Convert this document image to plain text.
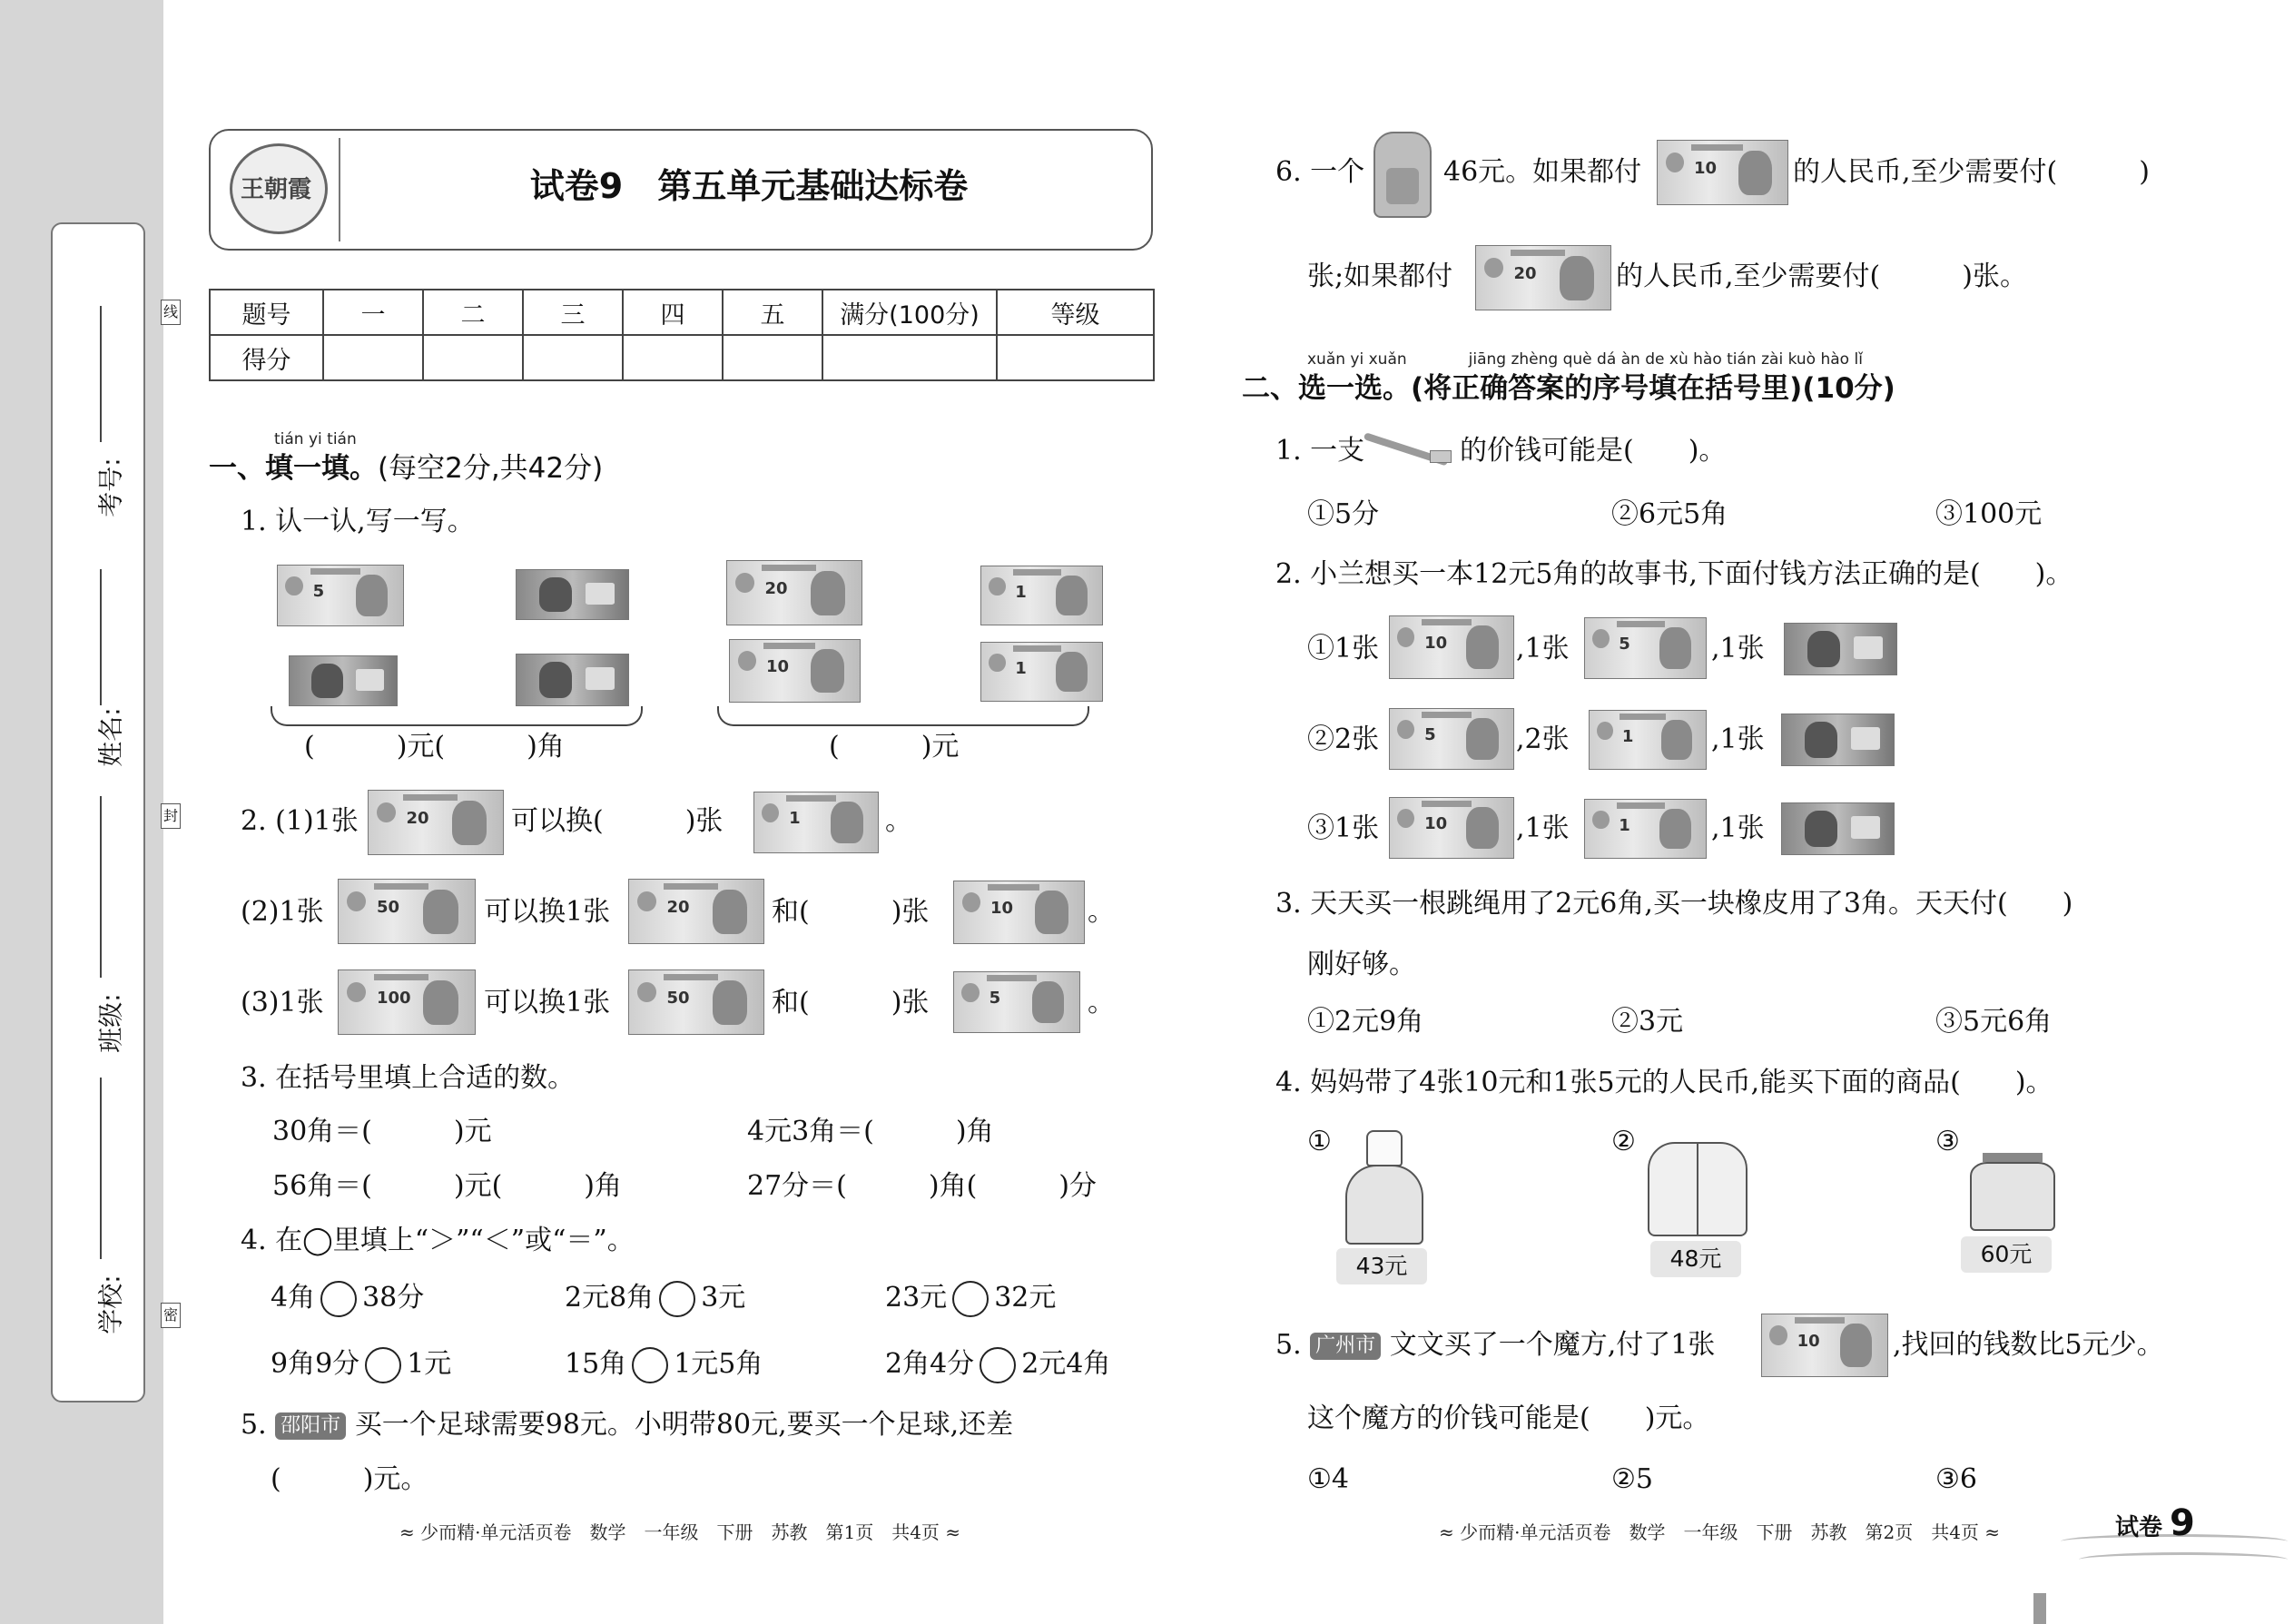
考号:
姓名:
班级:
学校:
线
封
密
王朝霞	试卷9　第五单元基础达标卷
题号	一	二	三	四	五	满分(100分)	等级
得分							
tián yi tián
一、填一填。(每空2分,共42分)
1. 认一认,写一写。
5	20	1
10	1
(　　　)元(　　　)角	(　　　)元
2. (1)1张	20	可以换(　　　)张	1	。
(2)1张	50	可以换1张	20	和(　　　)张	10	。
(3)1张	100	可以换1张	50	和(　　　)张	5	。
3. 在括号里填上合适的数。
30角＝(　　　)元	4元3角＝(　　　)角
56角＝(　　　)元(　　　)角	27分＝(　　　)角(　　　)分
4. 在◯里填上“＞”“＜”或“＝”。
4角 38分	2元8角 3元	23元 32元
9角9分 1元	15角 1元5角	2角4分 2元4角
5. 邵阳市 买一个足球需要98元。小明带80元,要买一个足球,还差
(　　　)元。
≈ 少而精·单元活页卷　数学　一年级　下册　苏教　第1页　共4页 ≈
6. 一个	46元。如果都付	10	的人民币,至少需要付(　　　)
张;如果都付	20	的人民币,至少需要付(　　　)张。
xuǎn yi xuǎn　　　　jiāng zhèng què dá àn de xù hào tián zài kuò hào lǐ
二、选一选。(将正确答案的序号填在括号里)(10分)
1. 一支	的价钱可能是(　　)。
①5分	②6元5角	③100元
2. 小兰想买一本12元5角的故事书,下面付钱方法正确的是(　　)。
①1张	10	,1张	5	,1张
②2张	5	,2张	1	,1张
③1张	10	,1张	1	,1张
3. 天天买一根跳绳用了2元6角,买一块橡皮用了3角。天天付(　　)
刚好够。
①2元9角	②3元	③5元6角
4. 妈妈带了4张10元和1张5元的人民币,能买下面的商品(　　)。
①
43元
②
48元
③
60元
5. 广州市 文文买了一个魔方,付了1张	10	,找回的钱数比5元少。
这个魔方的价钱可能是(　　)元。
①4	②5	③6
≈ 少而精·单元活页卷　数学　一年级　下册　苏教　第2页　共4页 ≈	试卷 9
